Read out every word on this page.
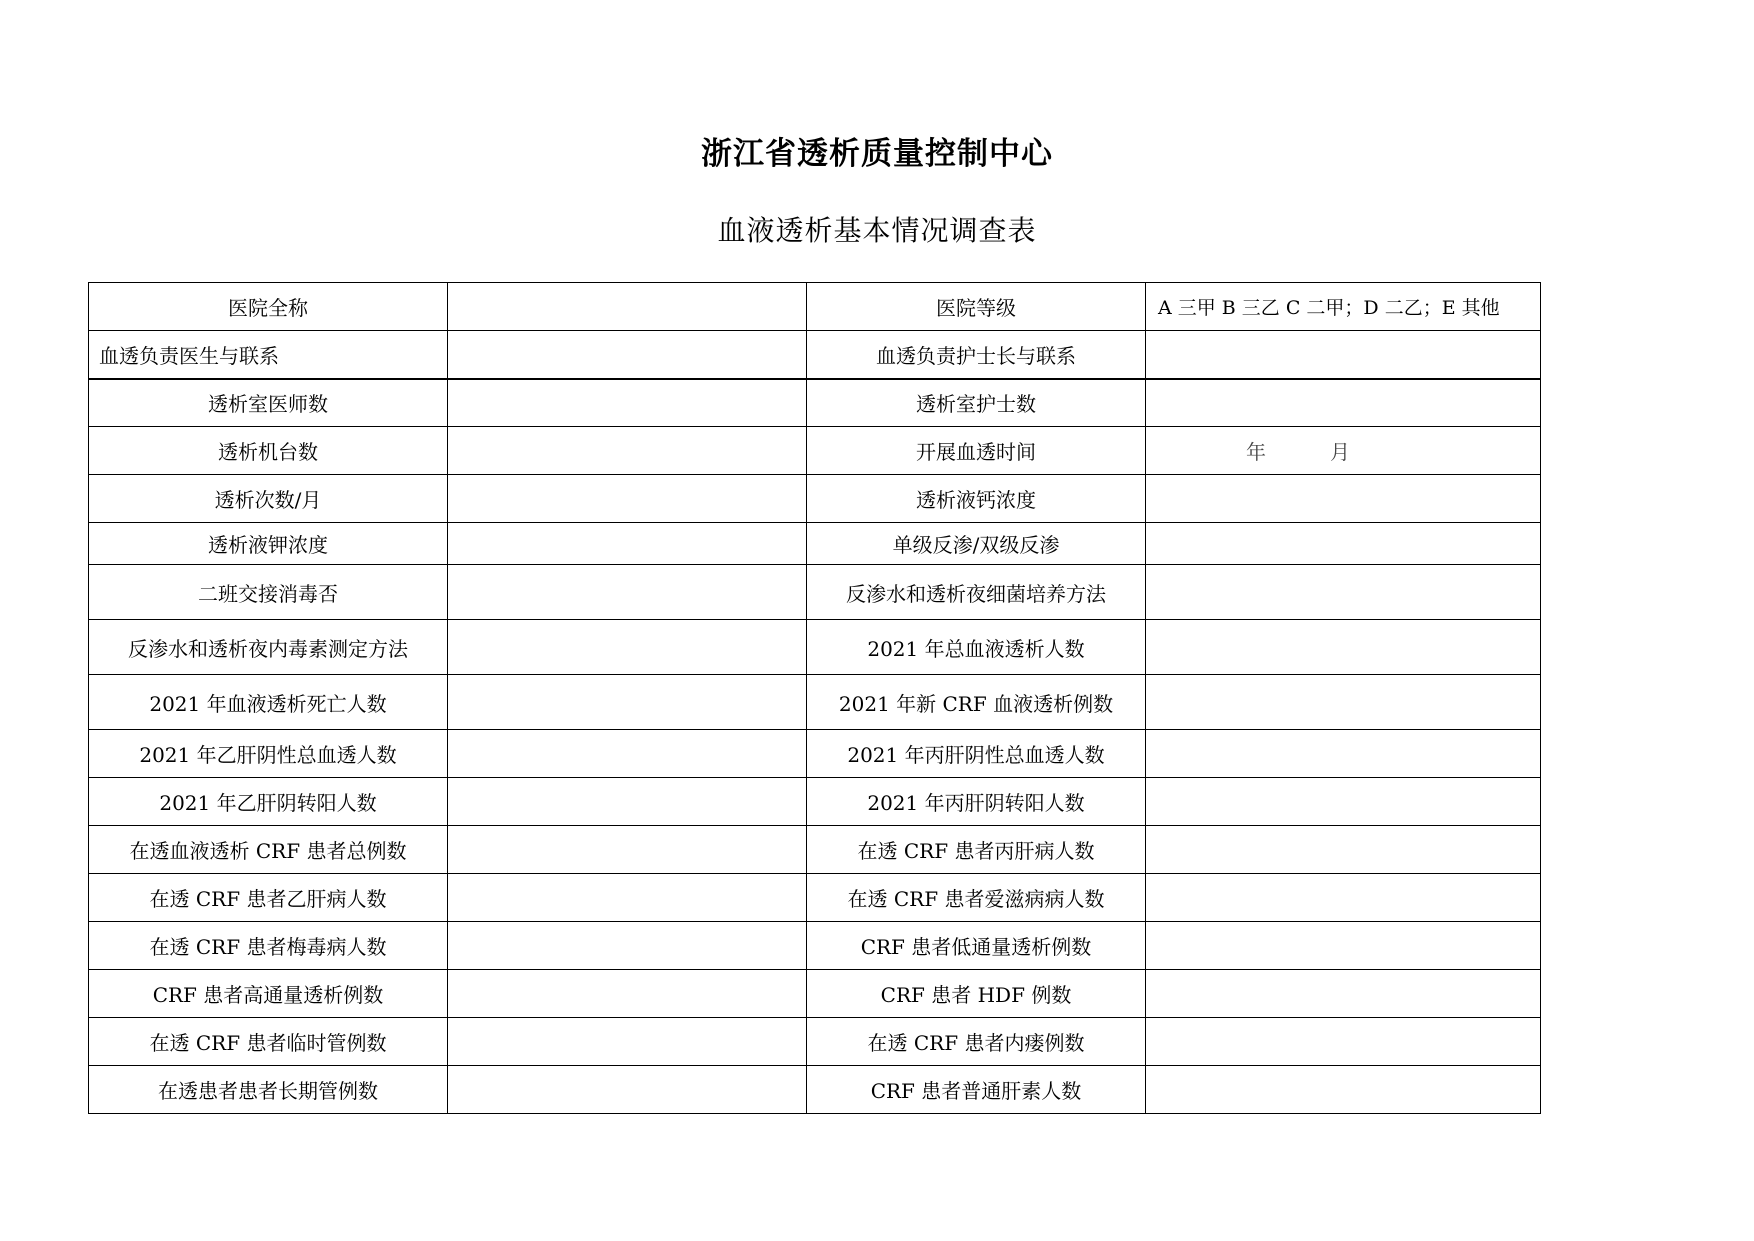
浙江省透析质量控制中心
血液透析基本情况调查表
医院全称		医院等级	A 三甲 B 三乙 C 二甲；D 二乙；E 其他
血透负责医生与联系		血透负责护士长与联系	
透析室医师数		透析室护士数	
透析机台数		开展血透时间	年 月
透析次数/月		透析液钙浓度	
透析液钾浓度		单级反渗/双级反渗	
二班交接消毒否		反渗水和透析夜细菌培养方法	
反渗水和透析夜内毒素测定方法		2021 年总血液透析人数	
2021 年血液透析死亡人数		2021 年新 CRF 血液透析例数	
2021 年乙肝阴性总血透人数		2021 年丙肝阴性总血透人数	
2021 年乙肝阴转阳人数		2021 年丙肝阴转阳人数	
在透血液透析 CRF 患者总例数		在透 CRF 患者丙肝病人数	
在透 CRF 患者乙肝病人数		在透 CRF 患者爱滋病病人数	
在透 CRF 患者梅毒病人数		CRF 患者低通量透析例数	
CRF 患者高通量透析例数		CRF 患者 HDF 例数	
在透 CRF 患者临时管例数		在透 CRF 患者内瘘例数	
在透患者患者长期管例数		CRF 患者普通肝素人数	
